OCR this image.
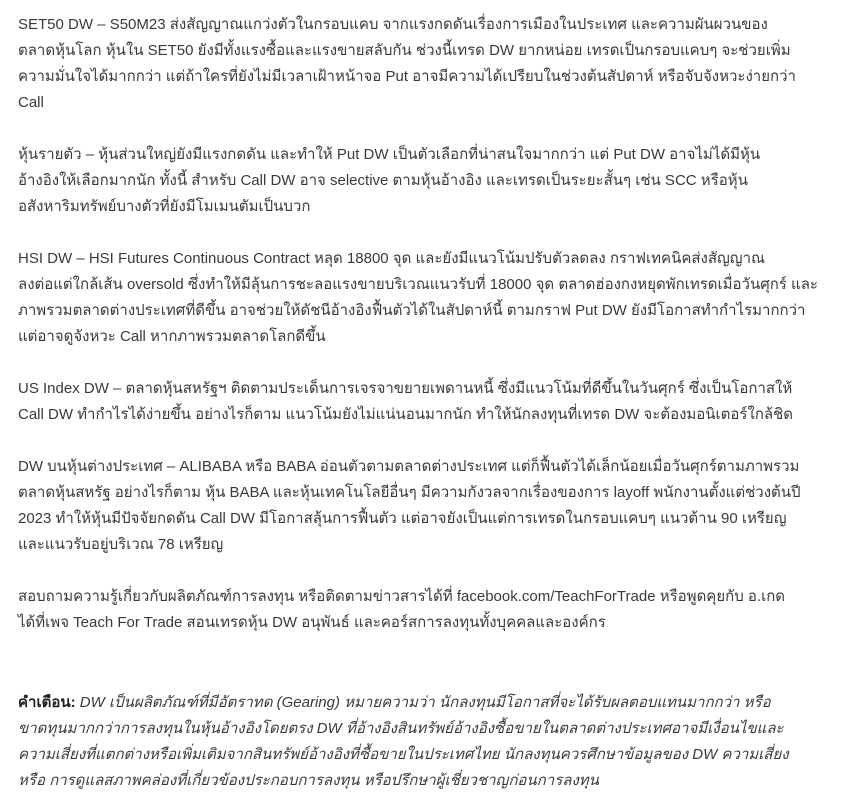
SET50 DW – S50M23 ส่งสัญญาณแกว่งตัวในกรอบแคบ จากแรงกดดันเรื่องการเมืองในประเทศ และความผันผวนของ
ตลาดหุ้นโลก หุ้นใน SET50 ยังมีทั้งแรงซื้อและแรงขายสลับกัน ช่วงนี้เทรด DW ยากหน่อย เทรดเป็นกรอบแคบๆ จะช่วยเพิ่ม
ความมั่นใจได้มากกว่า แต่ถ้าใครที่ยังไม่มีเวลาเฝ้าหน้าจอ Put อาจมีความได้เปรียบในช่วงต้นสัปดาห์ หรือจับจังหวะง่ายกว่า
Call

หุ้นรายตัว – หุ้นส่วนใหญ่ยังมีแรงกดดัน และทำให้ Put DW เป็นตัวเลือกที่น่าสนใจมากกว่า แต่ Put DW อาจไม่ได้มีหุ้น
อ้างอิงให้เลือกมากนัก ทั้งนี้ สำหรับ Call DW อาจ selective ตามหุ้นอ้างอิง และเทรดเป็นระยะสั้นๆ เช่น SCC หรือหุ้น
อสังหาริมทรัพย์บางตัวที่ยังมีโมเมนตัมเป็นบวก

HSI DW – HSI Futures Continuous Contract หลุด 18800 จุด และยังมีแนวโน้มปรับตัวลดลง กราฟเทคนิคส่งสัญญาณ
ลงต่อแต่ใกล้เส้น oversold ซึ่งทำให้มีลุ้นการชะลอแรงขายบริเวณแนวรับที่ 18000 จุด ตลาดฮ่องกงหยุดพักเทรดเมื่อวันศุกร์ และ
ภาพรวมตลาดต่างประเทศที่ดีขึ้น อาจช่วยให้ดัชนีอ้างอิงฟื้นตัวได้ในสัปดาห์นี้ ตามกราฟ Put DW ยังมีโอกาสทำกำไรมากกว่า
แต่อาจดูจังหวะ Call หากภาพรวมตลาดโลกดีขึ้น

US Index DW – ตลาดหุ้นสหรัฐฯ ติดตามประเด็นการเจรจาขยายเพดานหนี้ ซึ่งมีแนวโน้มที่ดีขึ้นในวันศุกร์ ซึ่งเป็นโอกาสให้
Call DW ทำกำไรได้ง่ายขึ้น อย่างไรก็ตาม แนวโน้มยังไม่แน่นอนมากนัก ทำให้นักลงทุนที่เทรด DW จะต้องมอนิเตอร์ใกล้ชิด

DW บนหุ้นต่างประเทศ – ALIBABA หรือ BABA อ่อนตัวตามตลาดต่างประเทศ แต่ก็ฟื้นตัวได้เล็กน้อยเมื่อวันศุกร์ตามภาพรวม
ตลาดหุ้นสหรัฐ อย่างไรก็ตาม หุ้น BABA และหุ้นเทคโนโลยีอื่นๆ มีความกังวลจากเรื่องของการ layoff พนักงานตั้งแต่ช่วงต้นปี
2023 ทำให้หุ้นมีปัจจัยกดดัน Call DW มีโอกาสลุ้นการฟื้นตัว แต่อาจยังเป็นแต่การเทรดในกรอบแคบๆ แนวต้าน 90 เหรียญ
และแนวรับอยู่บริเวณ 78 เหรียญ

สอบถามความรู้เกี่ยวกับผลิตภัณฑ์การลงทุน หรือติดตามข่าวสารได้ที่ facebook.com/TeachForTrade หรือพูดคุยกับ อ.เกด
ได้ที่เพจ Teach For Trade สอนเทรดหุ้น DW อนุพันธ์ และคอร์สการลงทุนทั้งบุคคลและองค์กร

คำเตือน: DW เป็นผลิตภัณฑ์ที่มีอัตราทด (Gearing) หมายความว่า นักลงทุนมีโอกาสที่จะได้รับผลตอบแทนมากกว่า หรือ
ขาดทุนมากกว่าการลงทุนในหุ้นอ้างอิงโดยตรง DW ที่อ้างอิงสินทรัพย์อ้างอิงซื้อขายในตลาดต่างประเทศอาจมีเงื่อนไขและ
ความเสี่ยงที่แตกต่างหรือเพิ่มเติมจากสินทรัพย์อ้างอิงที่ซื้อขายในประเทศไทย นักลงทุนควรศึกษาข้อมูลของ DW ความเสี่ยง
หรือ การดูแลสภาพคล่องที่เกี่ยวข้องประกอบการลงทุน หรือปรึกษาผู้เชี่ยวชาญก่อนการลงทุน
